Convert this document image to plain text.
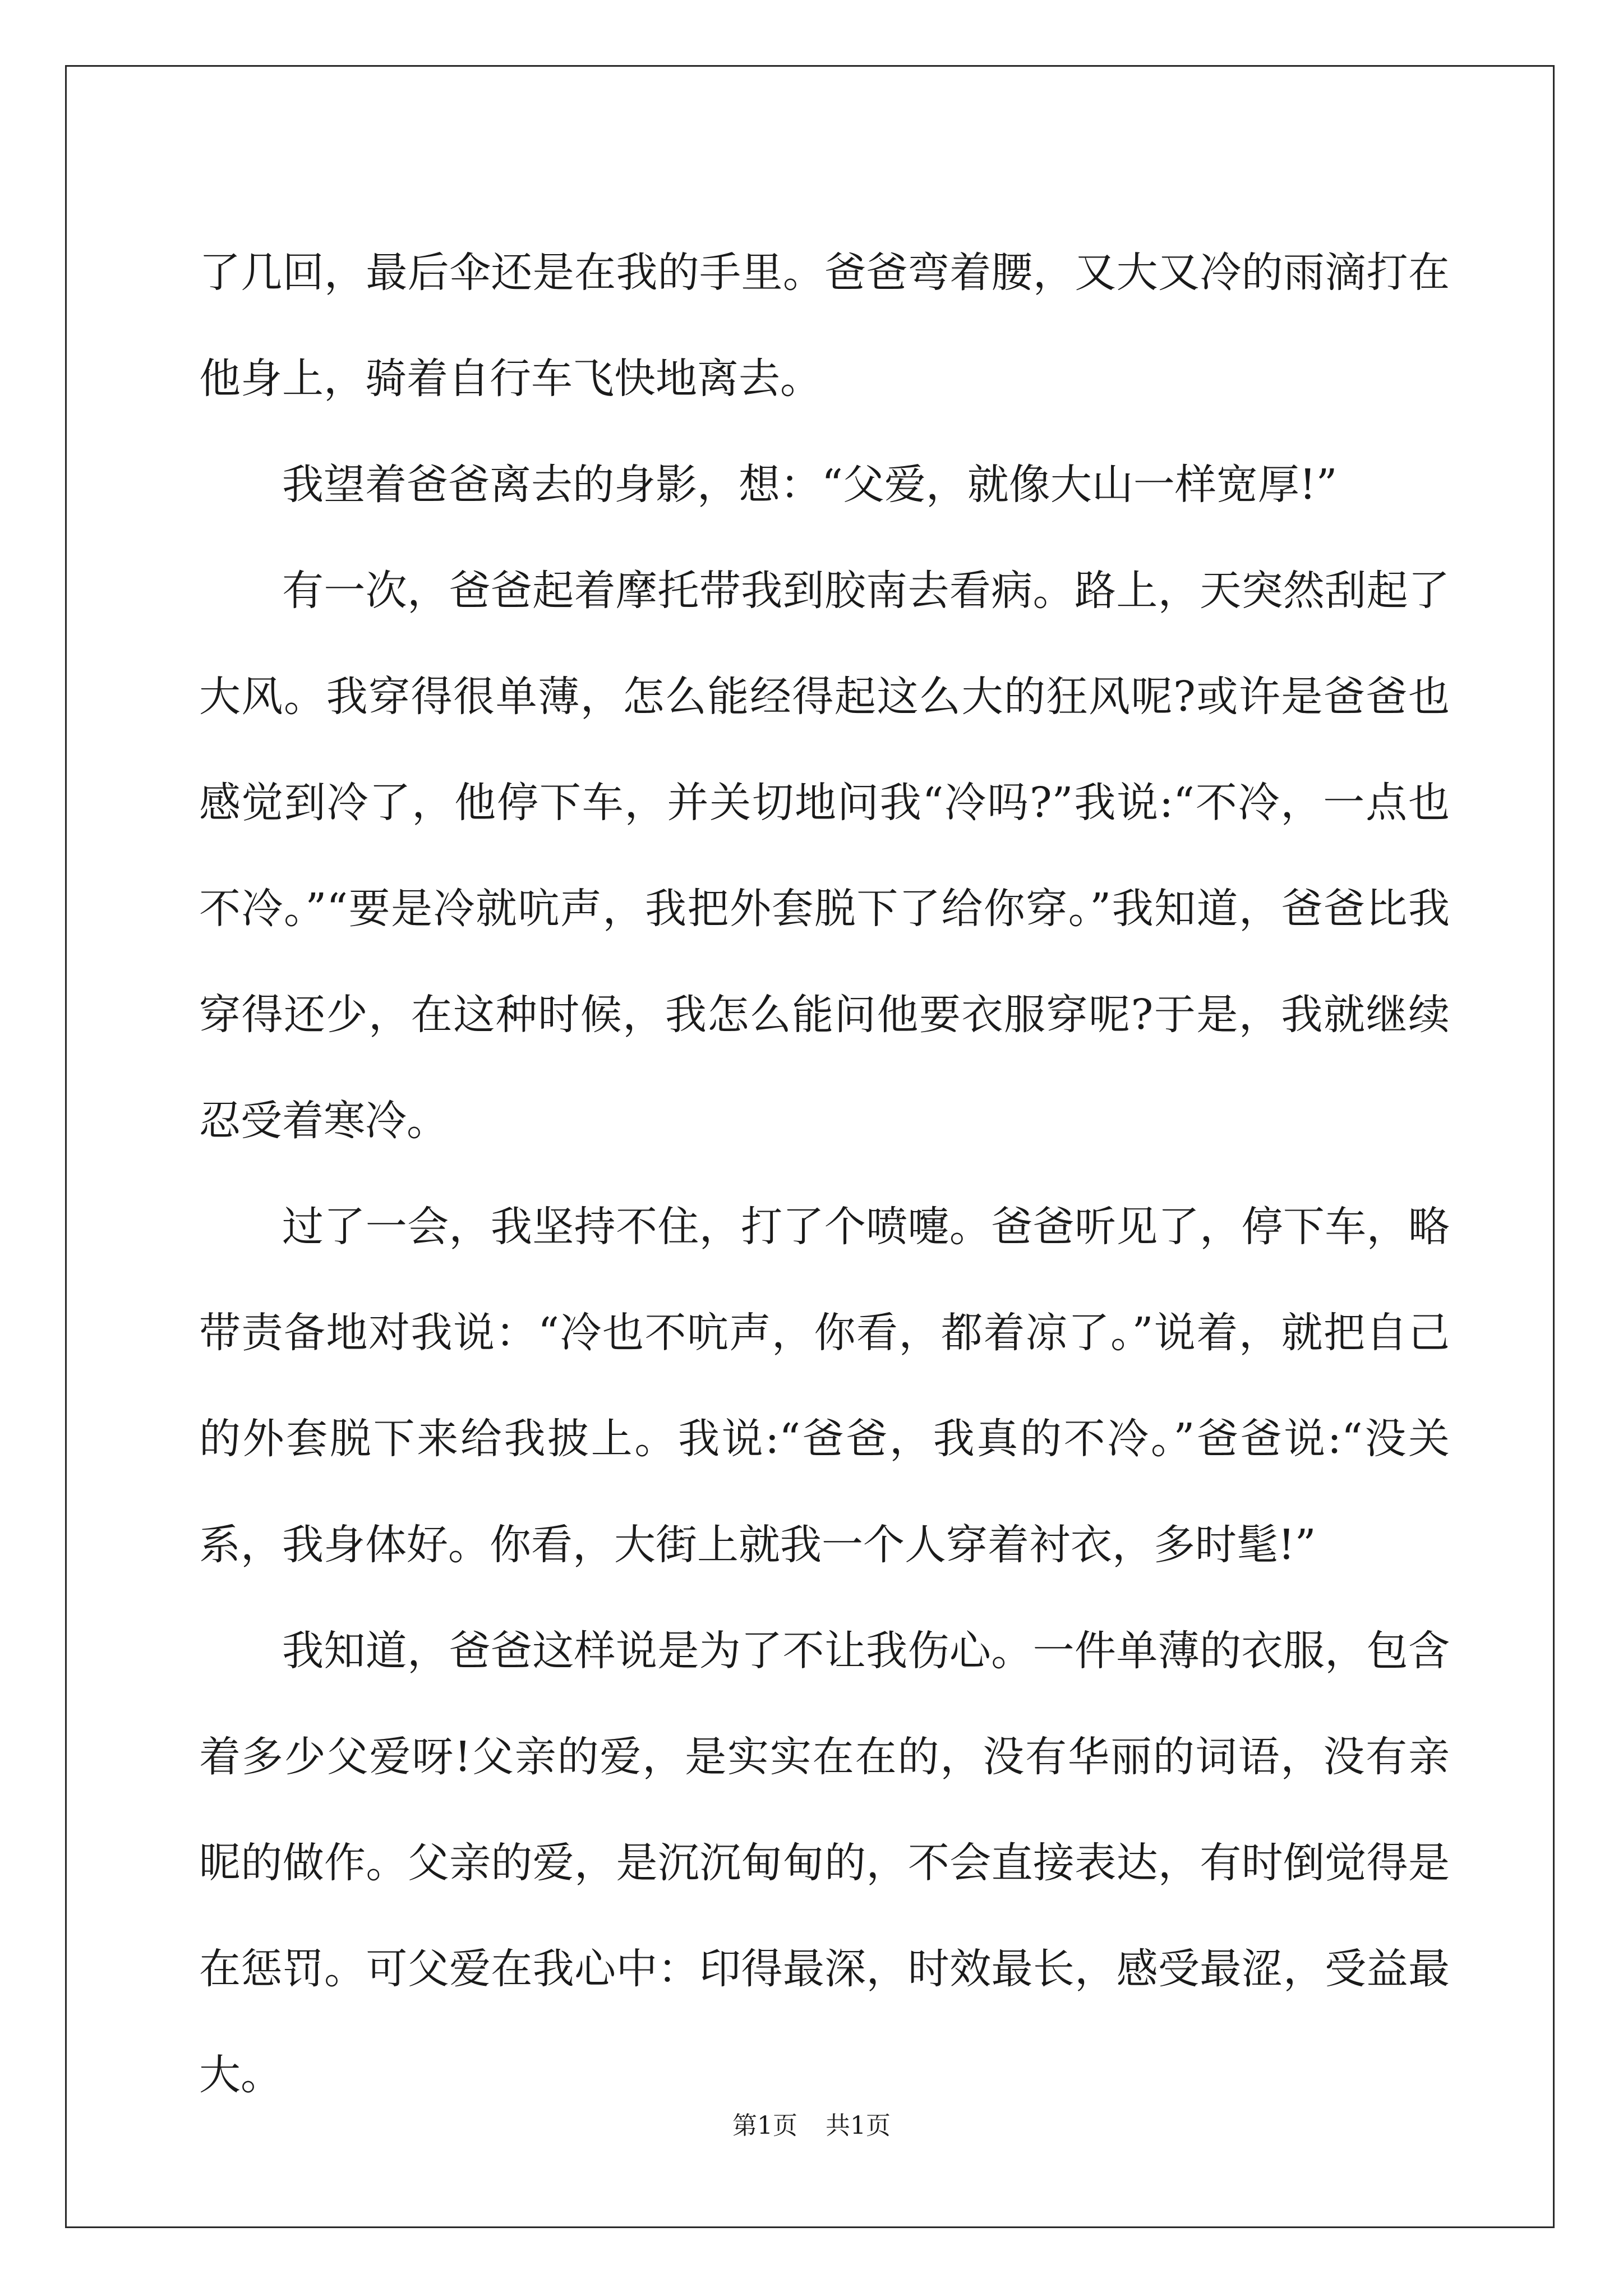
了几回，最后伞还是在我的手里。爸爸弯着腰，又大又冷的雨滴打在他身上，骑着自行车飞快地离去。

我望着爸爸离去的身影，想：“父爱，就像大山一样宽厚!”

有一次，爸爸起着摩托带我到胶南去看病。路上，天突然刮起了大风。我穿得很单薄，怎么能经得起这么大的狂风呢?或许是爸爸也感觉到冷了，他停下车，并关切地问我“冷吗?”我说:“不冷，一点也不冷。”“要是冷就吭声，我把外套脱下了给你穿。”我知道，爸爸比我穿得还少，在这种时候，我怎么能问他要衣服穿呢?于是，我就继续忍受着寒冷。

过了一会，我坚持不住，打了个喷嚏。爸爸听见了，停下车，略带责备地对我说：“冷也不吭声，你看，都着凉了。”说着，就把自己的外套脱下来给我披上。我说:“爸爸，我真的不冷。”爸爸说:“没关系，我身体好。你看，大街上就我一个人穿着衬衣，多时髦!”

我知道，爸爸这样说是为了不让我伤心。一件单薄的衣服，包含着多少父爱呀!父亲的爱，是实实在在的，没有华丽的词语，没有亲昵的做作。父亲的爱，是沉沉甸甸的，不会直接表达，有时倒觉得是在惩罚。可父爱在我心中：印得最深，时效最长，感受最涩，受益最大。

第1页 共1页
